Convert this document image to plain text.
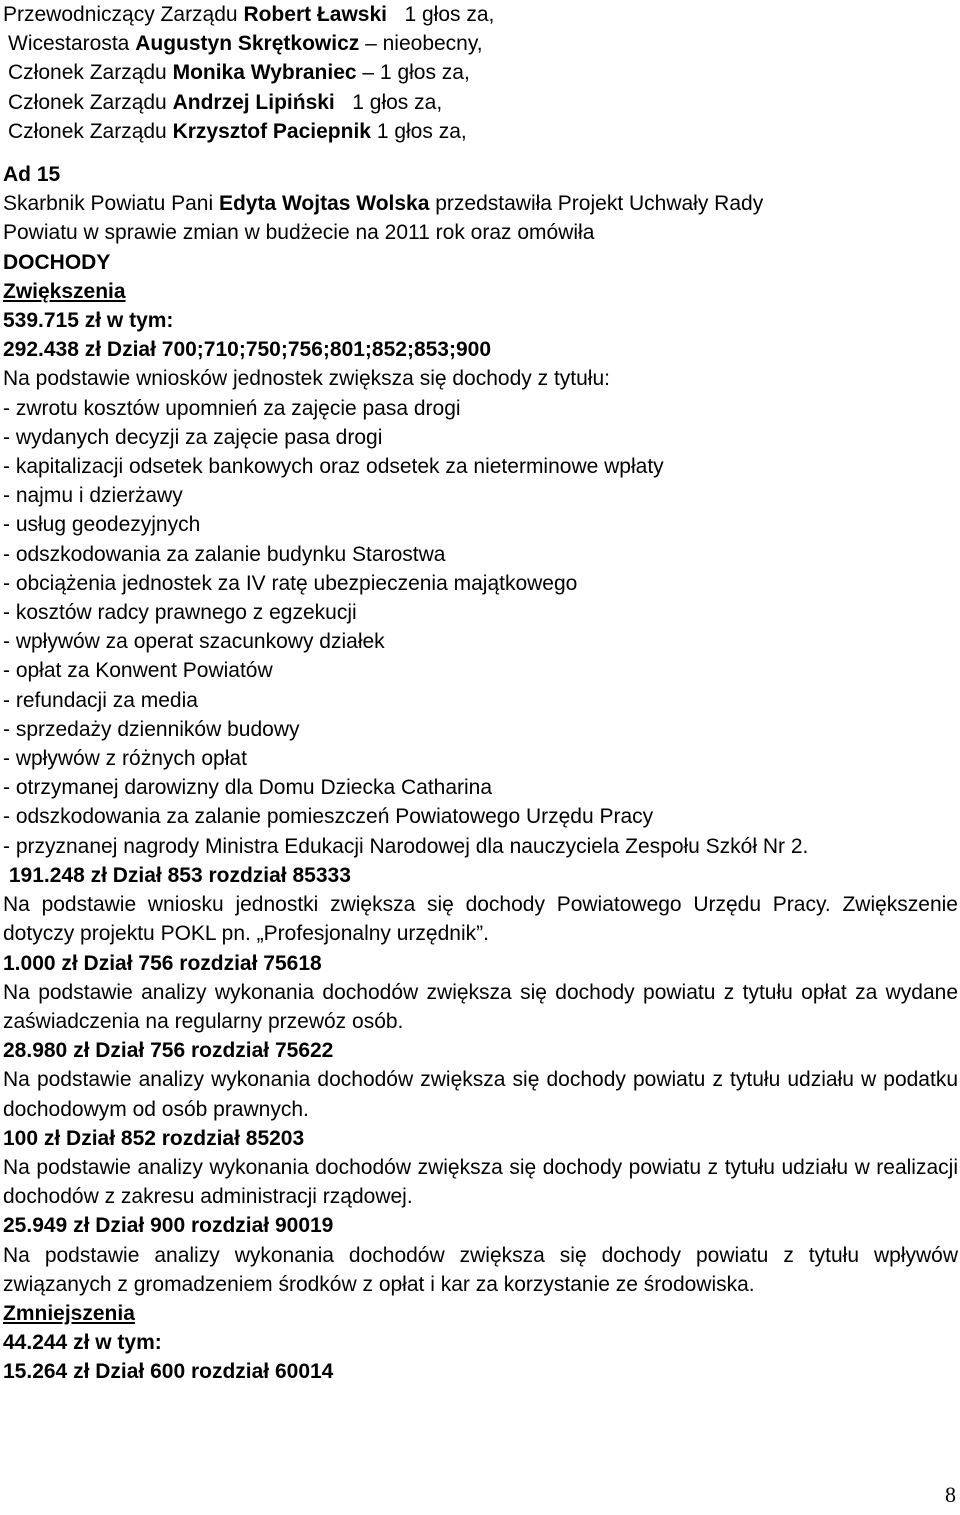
Przewodniczący Zarządu Robert Ławski   1 głos za,

Wicestarosta Augustyn Skrętkowicz – nieobecny,

Członek Zarządu Monika Wybraniec – 1 głos za,

Członek Zarządu Andrzej Lipiński   1 głos za,

Członek Zarządu Krzysztof Paciepnik 1 głos za,

Ad 15

Skarbnik Powiatu Pani Edyta Wojtas Wolska przedstawiła Projekt Uchwały Rady

Powiatu w sprawie zmian w budżecie na 2011 rok oraz omówiła

DOCHODY

Zwiększenia

539.715 zł w tym:

292.438 zł Dział 700;710;750;756;801;852;853;900

Na podstawie wniosków jednostek zwiększa się dochody z tytułu:

- zwrotu kosztów upomnień za zajęcie pasa drogi

- wydanych decyzji za zajęcie pasa drogi

- kapitalizacji odsetek bankowych oraz odsetek za nieterminowe wpłaty

- najmu i dzierżawy

- usług geodezyjnych

- odszkodowania za zalanie budynku Starostwa

- obciążenia jednostek za IV ratę ubezpieczenia majątkowego

- kosztów radcy prawnego z egzekucji

- wpływów za operat szacunkowy działek

- opłat za Konwent Powiatów

- refundacji za media

- sprzedaży dzienników budowy

- wpływów z różnych opłat

- otrzymanej darowizny dla Domu Dziecka Catharina

- odszkodowania za zalanie pomieszczeń Powiatowego Urzędu Pracy

- przyznanej nagrody Ministra Edukacji Narodowej dla nauczyciela Zespołu Szkół Nr 2.

191.248 zł Dział 853 rozdział 85333

Na podstawie wniosku jednostki zwiększa się dochody Powiatowego Urzędu Pracy. Zwiększenie dotyczy projektu POKL pn. „Profesjonalny urzędnik”.

1.000 zł Dział 756 rozdział 75618

Na podstawie analizy wykonania dochodów zwiększa się dochody powiatu z tytułu opłat za wydane zaświadczenia na regularny przewóz osób.

28.980 zł Dział 756 rozdział 75622

Na podstawie analizy wykonania dochodów zwiększa się dochody powiatu z tytułu udziału w podatku dochodowym od osób prawnych.

100 zł Dział 852 rozdział 85203

Na podstawie analizy wykonania dochodów zwiększa się dochody powiatu z tytułu udziału w realizacji dochodów z zakresu administracji rządowej.

25.949 zł Dział 900 rozdział 90019

Na podstawie analizy wykonania dochodów zwiększa się dochody powiatu z tytułu wpływów związanych z gromadzeniem środków z opłat i kar za korzystanie ze środowiska.

Zmniejszenia

44.244 zł w tym:

15.264 zł Dział 600 rozdział 60014

8
